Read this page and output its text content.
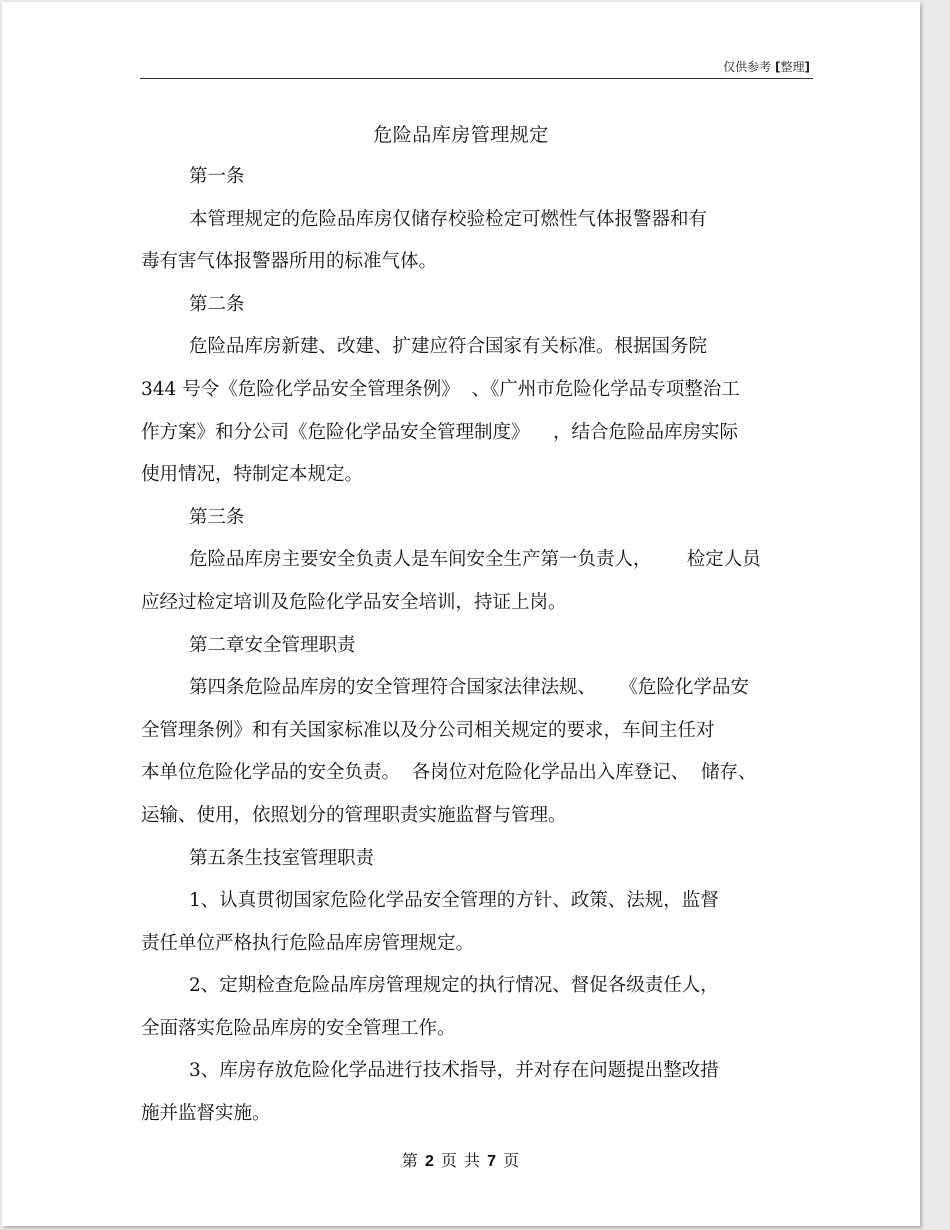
仅供参考 [整理]
危险品库房管理规定
第一条
本管理规定的危险品库房仅储存校验检定可燃性气体报警器和有
毒有害气体报警器所用的标准气体。
第二条
危险品库房新建、改建、扩建应符合国家有关标准。根据国务院
344 号令《危险化学品安全管理条例》  、《广州市危险化学品专项整治工
作方案》和分公司《危险化学品安全管理制度》    ，结合危险品库房实际
使用情况，特制定本规定。
第三条
危险品库房主要安全负责人是车间安全生产第一负责人，      检定人员
应经过检定培训及危险化学品安全培训，持证上岗。
第二章安全管理职责
第四条危险品库房的安全管理符合国家法律法规、    《危险化学品安
全管理条例》和有关国家标准以及分公司相关规定的要求，车间主任对
本单位危险化学品的安全负责。  各岗位对危险化学品出入库登记、  储存、
运输、使用，依照划分的管理职责实施监督与管理。
第五条生技室管理职责
1、认真贯彻国家危险化学品安全管理的方针、政策、法规，监督
责任单位严格执行危险品库房管理规定。
2、定期检查危险品库房管理规定的执行情况、督促各级责任人，
全面落实危险品库房的安全管理工作。
3、库房存放危险化学品进行技术指导，并对存在问题提出整改措
施并监督实施。
第 2 页 共 7 页
